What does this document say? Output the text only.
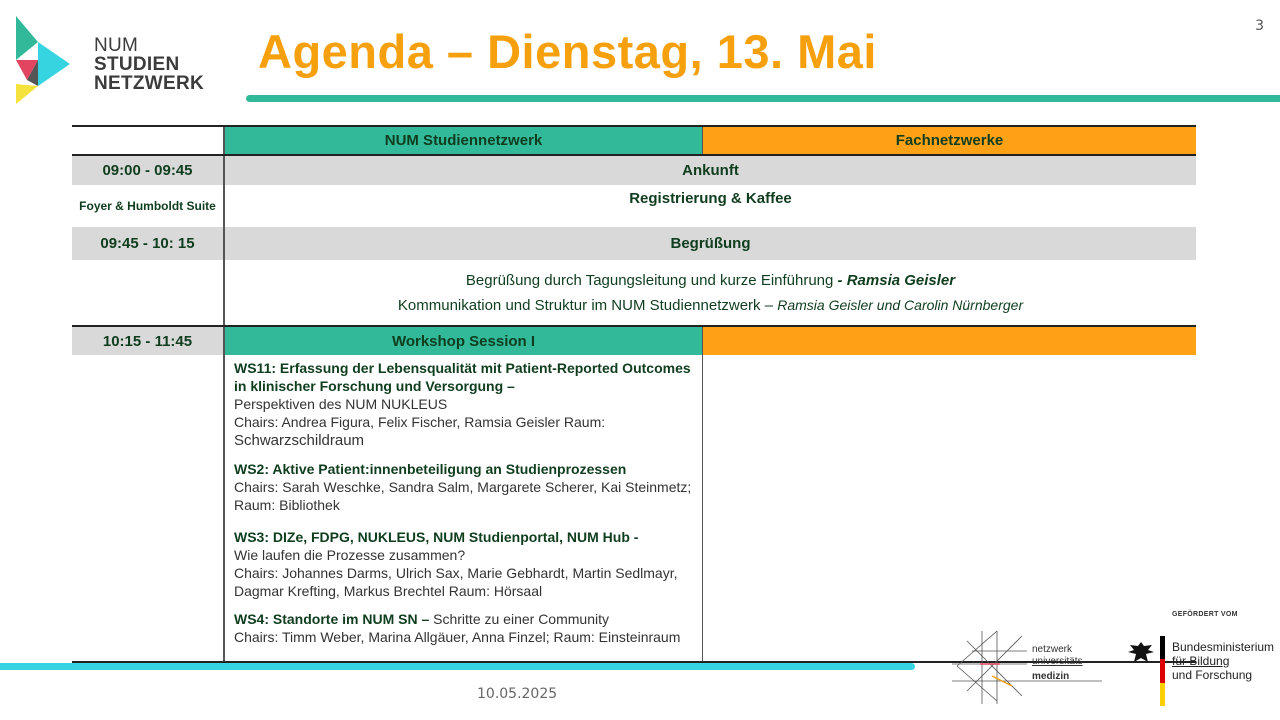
3
NUM
STUDIEN
NETZWERK
Agenda – Dienstag, 13. Mai
NUM Studiennetzwerk	Fachnetzwerke
09:00 - 09:45	Ankunft
Foyer & Humboldt Suite	Registrierung & Kaffee
09:45 - 10: 15	Begrüßung
Begrüßung durch Tagungsleitung und kurze Einführung - Ramsia Geisler
Kommunikation und Struktur im NUM Studiennetzwerk – Ramsia Geisler und Carolin Nürnberger
10:15 - 11:45	Workshop Session I
WS11: Erfassung der Lebensqualität mit Patient-Reported Outcomes in klinischer Forschung und Versorgung –
Perspektiven des NUM NUKLEUS
Chairs: Andrea Figura, Felix Fischer, Ramsia Geisler Raum:
Schwarzschildraum
WS2: Aktive Patient:innenbeteiligung an Studienprozessen
Chairs: Sarah Weschke, Sandra Salm, Margarete Scherer, Kai Steinmetz; Raum: Bibliothek
WS3: DIZe, FDPG, NUKLEUS, NUM Studienportal, NUM Hub -
Wie laufen die Prozesse zusammen?
Chairs: Johannes Darms, Ulrich Sax, Marie Gebhardt, Martin Sedlmayr, Dagmar Krefting, Markus Brechtel Raum: Hörsaal
WS4: Standorte im NUM SN – Schritte zu einer Community
Chairs: Timm Weber, Marina Allgäuer, Anna Finzel; Raum: Einsteinraum
10.05.2025
netzwerk
universitäts
medizin
GEFÖRDERT VOM
Bundesministerium
für Bildung
und Forschung
